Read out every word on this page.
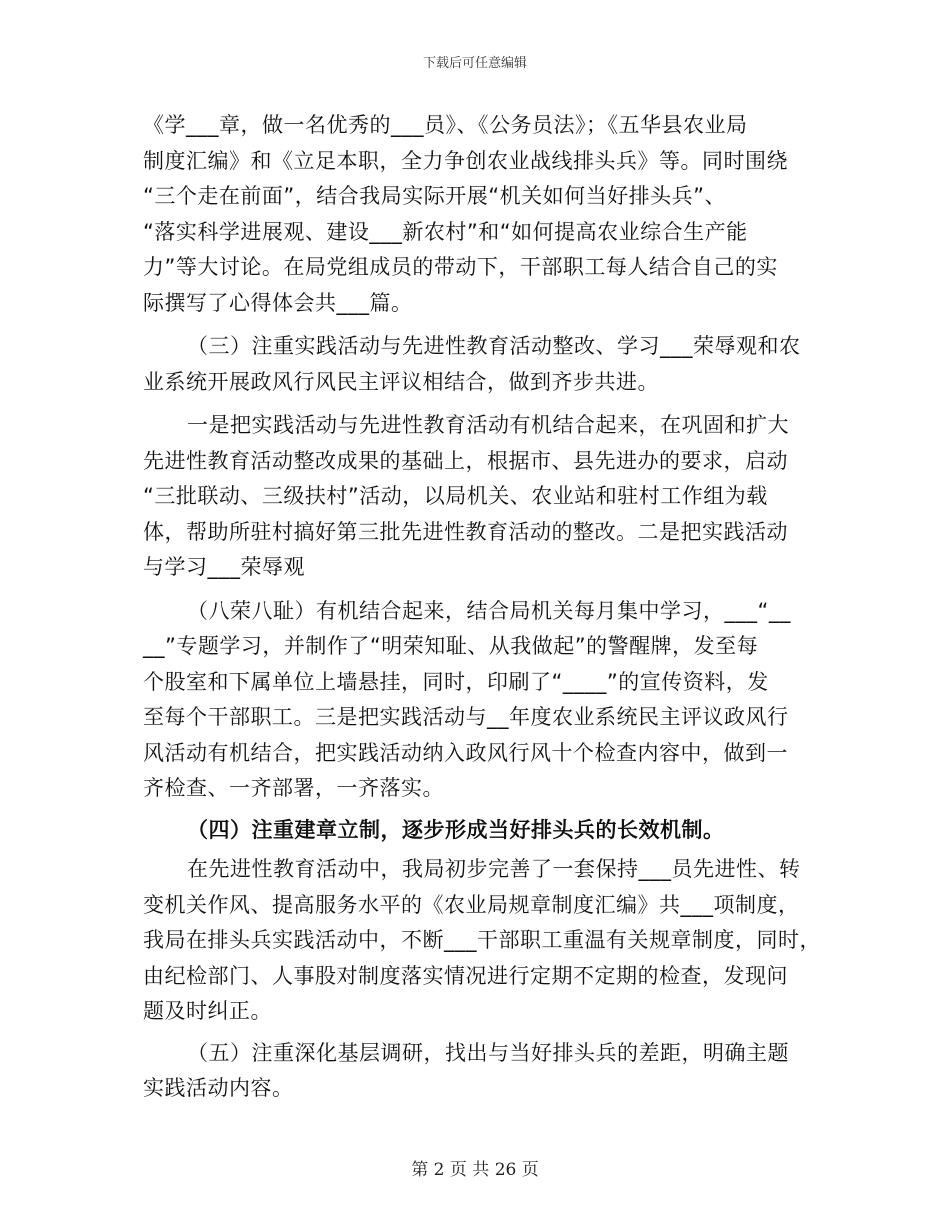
下载后可任意编辑
《学___章，做一名优秀的___员》、《公务员法》；《五华县农业局
制度汇编》和《立足本职，全力争创农业战线排头兵》等。同时围绕
“三个走在前面”，结合我局实际开展“机关如何当好排头兵”、
“落实科学进展观、建设___新农村”和“如何提高农业综合生产能
力”等大讨论。在局党组成员的带动下，干部职工每人结合自己的实
际撰写了心得体会共___篇。
（三）注重实践活动与先进性教育活动整改、学习___荣辱观和农
业系统开展政风行风民主评议相结合，做到齐步共进。
一是把实践活动与先进性教育活动有机结合起来，在巩固和扩大
先进性教育活动整改成果的基础上，根据市、县先进办的要求，启动
“三批联动、三级扶村”活动，以局机关、农业站和驻村工作组为载
体，帮助所驻村搞好第三批先进性教育活动的整改。二是把实践活动
与学习___荣辱观
（八荣八耻）有机结合起来，结合局机关每月集中学习，___“__
__”专题学习，并制作了“明荣知耻、从我做起”的警醒牌，发至每
个股室和下属单位上墙悬挂，同时，印刷了“____”的宣传资料，发
至每个干部职工。三是把实践活动与__年度农业系统民主评议政风行
风活动有机结合，把实践活动纳入政风行风十个检查内容中，做到一
齐检查、一齐部署，一齐落实。
（四）注重建章立制，逐步形成当好排头兵的长效机制。
在先进性教育活动中，我局初步完善了一套保持___员先进性、转
变机关作风、提高服务水平的《农业局规章制度汇编》共___项制度，
我局在排头兵实践活动中，不断___干部职工重温有关规章制度，同时，
由纪检部门、人事股对制度落实情况进行定期不定期的检查，发现问
题及时纠正。
（五）注重深化基层调研，找出与当好排头兵的差距，明确主题
实践活动内容。
第 2 页 共 26 页
